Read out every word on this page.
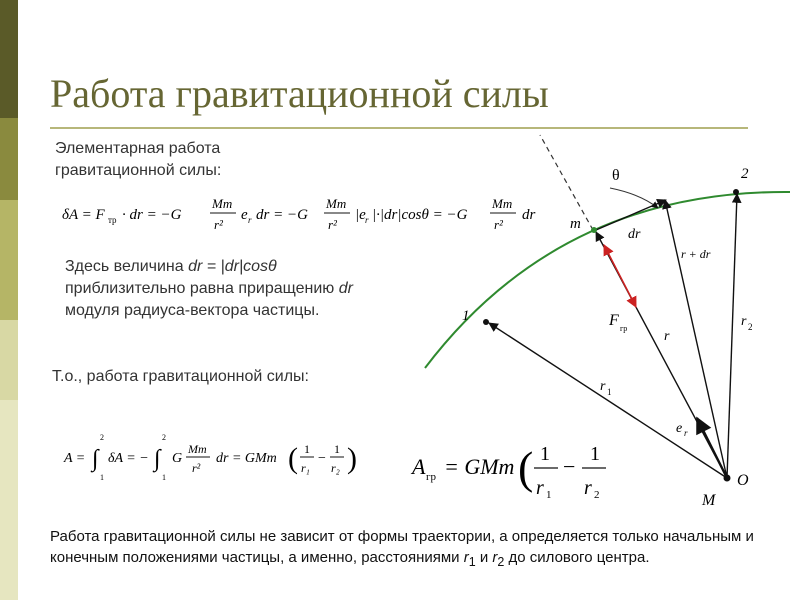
Работа гравитационной силы
Элементарная работа гравитационной силы:
δA = F тр · dr = −G
Mm
r²
e r dr = −G
Mm
r²
|e r |·|dr|cosθ = −G
Mm
r²
dr
Здесь величина dr = |dr|cosθ приблизительно равна приращению dr модуля радиуса-вектора частицы.
Т.о., работа гравитационной силы:
A = ∫
2
1
δA = − ∫
2
1
G
Mm
r²
dr = GMm ( 1
r₁
−
1
r₂ )	A гр = GMm ( 1
r 1
− 1
r 2
1
2
m
O
M
θ
dr
r + dr
r
r 1
r 2
e r
F гр
Работа гравитационной силы не зависит от формы траектории, а определяется только начальным и конечным положениями частицы, а именно, расстояниями $r_1$ и $r_2$ до силового центра.
